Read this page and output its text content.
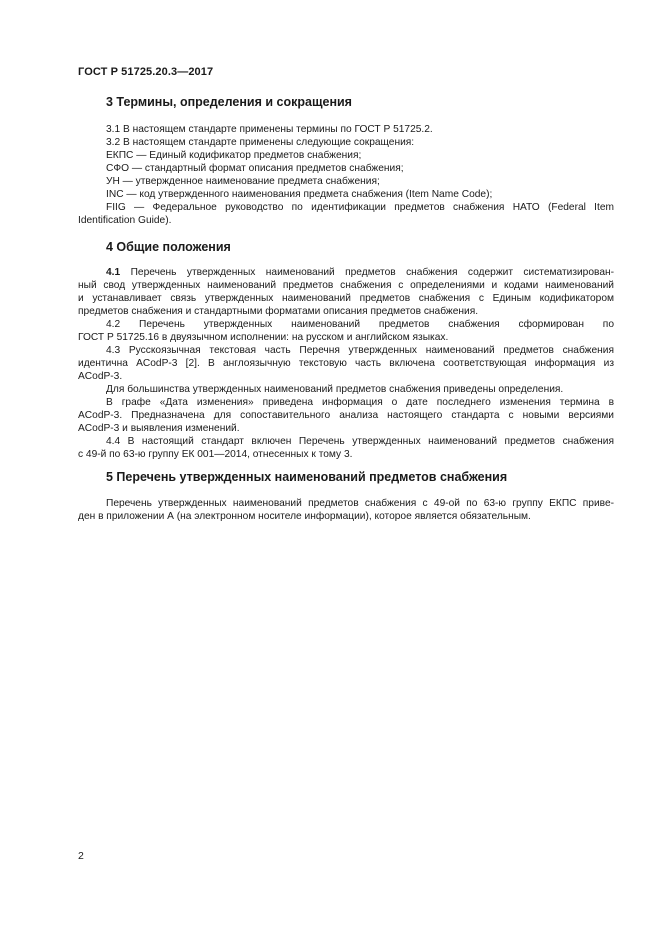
ГОСТ Р 51725.20.3—2017
3 Термины, определения и сокращения
3.1 В настоящем стандарте применены термины по ГОСТ Р 51725.2.
3.2 В настоящем стандарте применены следующие сокращения:
ЕКПС — Единый кодификатор предметов снабжения;
СФО — стандартный формат описания предметов снабжения;
УН — утвержденное наименование предмета снабжения;
INC — код утвержденного наименования предмета снабжения (Item Name Code);
FIIG — Федеральное руководство по идентификации предметов снабжения НАТО (Federal Item
Identification Guide).
4 Общие положения
4.1 Перечень утвержденных наименований предметов снабжения содержит систематизирован-
ный свод утвержденных наименований предметов снабжения с определениями и кодами наименований
и устанавливает связь утвержденных наименований предметов снабжения с Единым кодификатором
предметов снабжения и стандартными форматами описания предметов снабжения.
4.2 Перечень утвержденных наименований предметов снабжения сформирован по
ГОСТ Р 51725.16 в двуязычном исполнении: на русском и английском языках.
4.3 Русскоязычная текстовая часть Перечня утвержденных наименований предметов снабжения
идентична ACodP-3 [2]. В англоязычную текстовую часть включена соответствующая информация из
ACodP-3.
Для большинства утвержденных наименований предметов снабжения приведены определения.
В графе «Дата изменения» приведена информация о дате последнего изменения термина в
ACodP-3. Предназначена для сопоставительного анализа настоящего стандарта с новыми версиями
ACodP-3 и выявления изменений.
4.4 В настоящий стандарт включен Перечень утвержденных наименований предметов снабжения
с 49-й по 63-ю группу ЕК 001—2014, отнесенных к тому 3.
5 Перечень утвержденных наименований предметов снабжения
Перечень утвержденных наименований предметов снабжения с 49-ой по 63-ю группу ЕКПС приве-
ден в приложении А (на электронном носителе информации), которое является обязательным.
2
